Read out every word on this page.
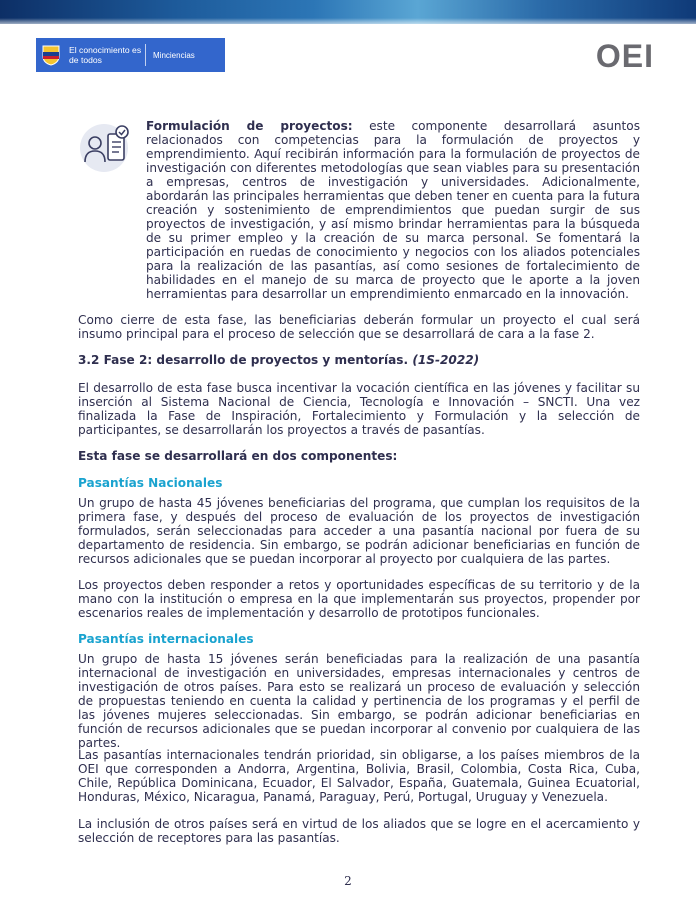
El conocimiento es de todos	Minciencias	OEI

Formulación de proyectos: este componente desarrollará asuntos relacionados con competencias para la formulación de proyectos y emprendimiento. Aquí recibirán información para la formulación de proyectos de investigación con diferentes metodologías que sean viables para su presentación a empresas, centros de investigación y universidades. Adicionalmente, abordarán las principales herramientas que deben tener en cuenta para la futura creación y sostenimiento de emprendimientos que puedan surgir de sus proyectos de investigación, y así mismo brindar herramientas para la búsqueda de su primer empleo y la creación de su marca personal. Se fomentará la participación en ruedas de conocimiento y negocios con los aliados potenciales para la realización de las pasantías, así como sesiones de fortalecimiento de habilidades en el manejo de su marca de proyecto que le aporte a la joven herramientas para desarrollar un emprendimiento enmarcado en la innovación.

Como cierre de esta fase, las beneficiarias deberán formular un proyecto el cual será insumo principal para el proceso de selección que se desarrollará de cara a la fase 2.

3.2 Fase 2: desarrollo de proyectos y mentorías. (1S-2022)

El desarrollo de esta fase busca incentivar la vocación científica en las jóvenes y facilitar su inserción al Sistema Nacional de Ciencia, Tecnología e Innovación – SNCTI. Una vez finalizada la Fase de Inspiración, Fortalecimiento y Formulación y la selección de participantes, se desarrollarán los proyectos a través de pasantías.

Esta fase se desarrollará en dos componentes:

Pasantías Nacionales

Un grupo de hasta 45 jóvenes beneficiarias del programa, que cumplan los requisitos de la primera fase, y después del proceso de evaluación de los proyectos de investigación formulados, serán seleccionadas para acceder a una pasantía nacional por fuera de su departamento de residencia. Sin embargo, se podrán adicionar beneficiarias en función de recursos adicionales que se puedan incorporar al proyecto por cualquiera de las partes.

Los proyectos deben responder a retos y oportunidades específicas de su territorio y de la mano con la institución o empresa en la que implementarán sus proyectos, propender por escenarios reales de implementación y desarrollo de prototipos funcionales.

Pasantías internacionales

Un grupo de hasta 15 jóvenes serán beneficiadas para la realización de una pasantía internacional de investigación en universidades, empresas internacionales y centros de investigación de otros países. Para esto se realizará un proceso de evaluación y selección de propuestas teniendo en cuenta la calidad y pertinencia de los programas y el perfil de las jóvenes mujeres seleccionadas. Sin embargo, se podrán adicionar beneficiarias en función de recursos adicionales que se puedan incorporar al convenio por cualquiera de las partes.

Las pasantías internacionales tendrán prioridad, sin obligarse, a los países miembros de la OEI que corresponden a Andorra, Argentina, Bolivia, Brasil, Colombia, Costa Rica, Cuba, Chile, República Dominicana, Ecuador, El Salvador, España, Guatemala, Guinea Ecuatorial, Honduras, México, Nicaragua, Panamá, Paraguay, Perú, Portugal, Uruguay y Venezuela.

La inclusión de otros países será en virtud de los aliados que se logre en el acercamiento y selección de receptores para las pasantías.

2
